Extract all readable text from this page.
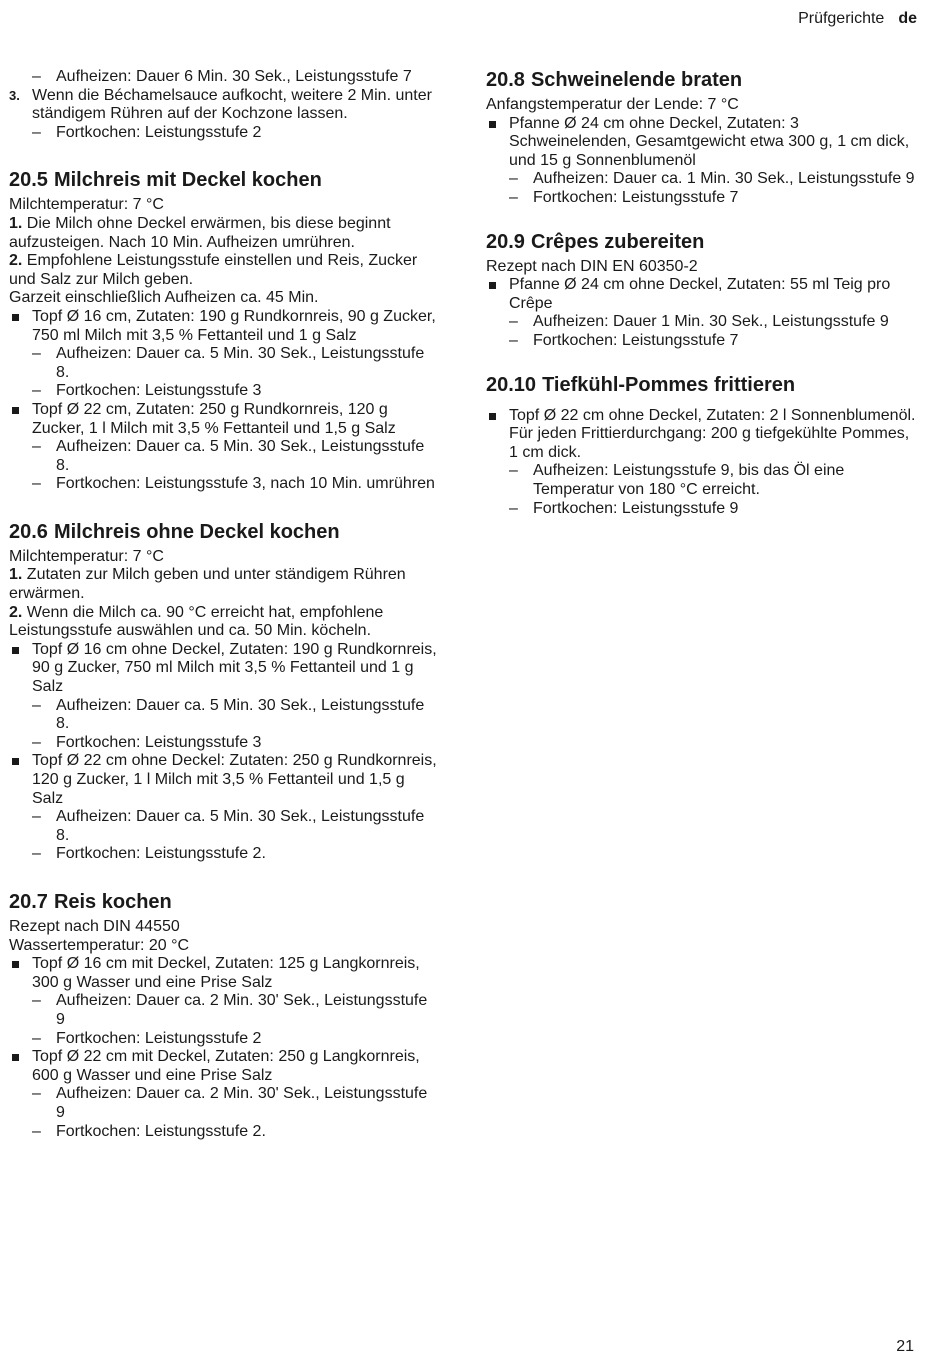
Prüfgerichte de

– Aufheizen: Dauer 6 Min. 30 Sek., Leistungsstufe 7

3. Wenn die Béchamelsauce aufkocht, weitere 2 Min. unter ständigem Rühren auf der Kochzone lassen.

– Fortkochen: Leistungsstufe 2

20.5 Milchreis mit Deckel kochen

Milchtemperatur: 7 °C

1. Die Milch ohne Deckel erwärmen, bis diese beginnt aufzusteigen. Nach 10 Min. Aufheizen umrühren.

2. Empfohlene Leistungsstufe einstellen und Reis, Zucker und Salz zur Milch geben.

Garzeit einschließlich Aufheizen ca. 45 Min.

Topf Ø 16 cm, Zutaten: 190 g Rundkornreis, 90 g Zucker, 750 ml Milch mit 3,5 % Fettanteil und 1 g Salz

– Aufheizen: Dauer ca. 5 Min. 30 Sek., Leistungsstufe 8.

– Fortkochen: Leistungsstufe 3

Topf Ø 22 cm, Zutaten: 250 g Rundkornreis, 120 g Zucker, 1 l Milch mit 3,5 % Fettanteil und 1,5 g Salz

– Aufheizen: Dauer ca. 5 Min. 30 Sek., Leistungsstufe 8.

– Fortkochen: Leistungsstufe 3, nach 10 Min. umrühren

20.6 Milchreis ohne Deckel kochen

Milchtemperatur: 7 °C

1. Zutaten zur Milch geben und unter ständigem Rühren erwärmen.

2. Wenn die Milch ca. 90 °C erreicht hat, empfohlene Leistungsstufe auswählen und ca. 50 Min. köcheln.

Topf Ø 16 cm ohne Deckel, Zutaten: 190 g Rundkornreis, 90 g Zucker, 750 ml Milch mit 3,5 % Fettanteil und 1 g Salz

– Aufheizen: Dauer ca. 5 Min. 30 Sek., Leistungsstufe 8.

– Fortkochen: Leistungsstufe 3

Topf Ø 22 cm ohne Deckel: Zutaten: 250 g Rundkornreis, 120 g Zucker, 1 l Milch mit 3,5 % Fettanteil und 1,5 g Salz

– Aufheizen: Dauer ca. 5 Min. 30 Sek., Leistungsstufe 8.

– Fortkochen: Leistungsstufe 2.

20.7 Reis kochen

Rezept nach DIN 44550

Wassertemperatur: 20 °C

Topf Ø 16 cm mit Deckel, Zutaten: 125 g Langkornreis, 300 g Wasser und eine Prise Salz

– Aufheizen: Dauer ca. 2 Min. 30' Sek., Leistungsstufe 9

– Fortkochen: Leistungsstufe 2

Topf Ø 22 cm mit Deckel, Zutaten: 250 g Langkornreis, 600 g Wasser und eine Prise Salz

– Aufheizen: Dauer ca. 2 Min. 30' Sek., Leistungsstufe 9

– Fortkochen: Leistungsstufe 2.

20.8 Schweinelende braten

Anfangstemperatur der Lende: 7 °C

Pfanne Ø 24 cm ohne Deckel, Zutaten: 3 Schweinelenden, Gesamtgewicht etwa 300 g, 1 cm dick, und 15 g Sonnenblumenöl

– Aufheizen: Dauer ca. 1 Min. 30 Sek., Leistungsstufe 9

– Fortkochen: Leistungsstufe 7

20.9 Crêpes zubereiten

Rezept nach DIN EN 60350-2

Pfanne Ø 24 cm ohne Deckel, Zutaten: 55 ml Teig pro Crêpe

– Aufheizen: Dauer 1 Min. 30 Sek., Leistungsstufe 9

– Fortkochen: Leistungsstufe 7

20.10 Tiefkühl-Pommes frittieren

Topf Ø 22 cm ohne Deckel, Zutaten: 2 l Sonnenblumenöl. Für jeden Frittierdurchgang: 200 g tiefgekühlte Pommes, 1 cm dick.

– Aufheizen: Leistungsstufe 9, bis das Öl eine Temperatur von 180 °C erreicht.

– Fortkochen: Leistungsstufe 9

21
